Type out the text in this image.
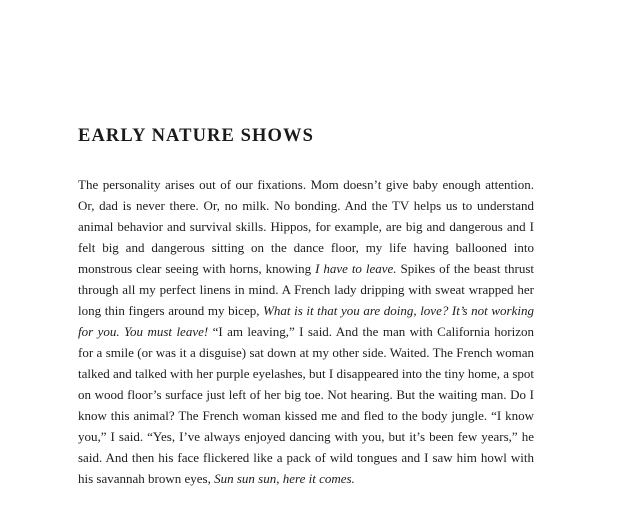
EARLY NATURE SHOWS

The personality arises out of our fixations. Mom doesn’t give baby enough attention. Or, dad is never there. Or, no milk. No bonding. And the TV helps us to understand animal behavior and survival skills. Hippos, for example, are big and dangerous and I felt big and dangerous sitting on the dance floor, my life having ballooned into monstrous clear seeing with horns, knowing I have to leave. Spikes of the beast thrust through all my perfect linens in mind. A French lady dripping with sweat wrapped her long thin fingers around my bicep, What is it that you are doing, love? It’s not working for you. You must leave! “I am leaving,” I said. And the man with California horizon for a smile (or was it a disguise) sat down at my other side. Waited. The French woman talked and talked with her purple eyelashes, but I disappeared into the tiny home, a spot on wood floor’s surface just left of her big toe. Not hearing. But the waiting man. Do I know this animal? The French woman kissed me and fled to the body jungle. “I know you,” I said. “Yes, I’ve always enjoyed dancing with you, but it’s been few years,” he said. And then his face flickered like a pack of wild tongues and I saw him howl with his savannah brown eyes, Sun sun sun, here it comes.
